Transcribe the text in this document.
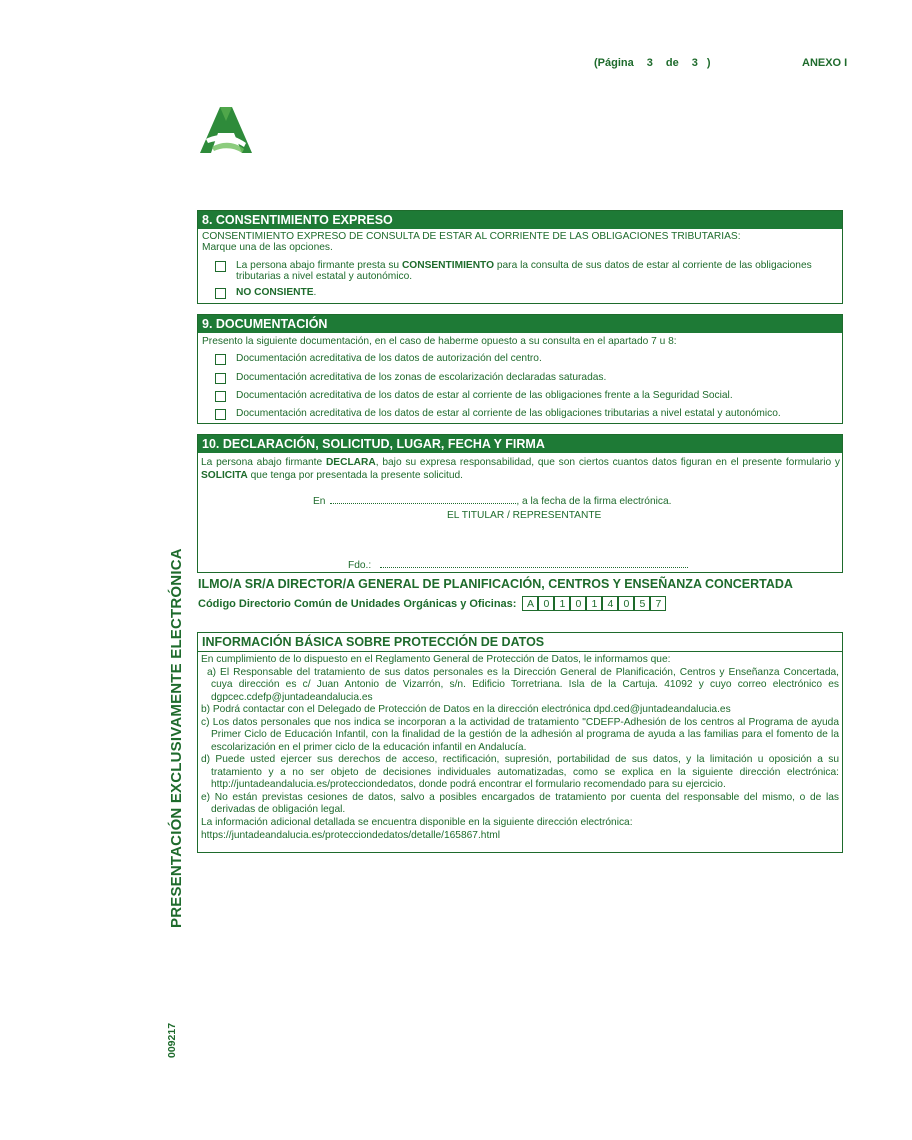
(Página 3 de 3 )	ANEXO I
8. CONSENTIMIENTO EXPRESO
CONSENTIMIENTO EXPRESO DE CONSULTA DE ESTAR AL CORRIENTE DE LAS OBLIGACIONES TRIBUTARIAS:
Marque una de las opciones.
La persona abajo firmante presta su CONSENTIMIENTO para la consulta de sus datos de estar al corriente de las obligaciones tributarias a nivel estatal y autonómico.
NO CONSIENTE.
9. DOCUMENTACIÓN
Presento la siguiente documentación, en el caso de haberme opuesto a su consulta en el apartado 7 u 8:
Documentación acreditativa de los datos de autorización del centro.
Documentación acreditativa de los zonas de escolarización declaradas saturadas.
Documentación acreditativa de los datos de estar al corriente de las obligaciones frente a la Seguridad Social.
Documentación acreditativa de los datos de estar al corriente de las obligaciones tributarias a nivel estatal y autonómico.
10. DECLARACIÓN, SOLICITUD, LUGAR, FECHA Y FIRMA
La persona abajo firmante DECLARA, bajo su expresa responsabilidad, que son ciertos cuantos datos figuran en el presente formulario y SOLICITA que tenga por presentada la presente solicitud.
En	, a la fecha de la firma electrónica.
EL TITULAR / REPRESENTANTE
Fdo.:
ILMO/A SR/A DIRECTOR/A GENERAL DE PLANIFICACIÓN, CENTROS Y ENSEÑANZA CONCERTADA
Código Directorio Común de Unidades Orgánicas y Oficinas: A 0 1 0 1 4 0 5 7
INFORMACIÓN BÁSICA SOBRE PROTECCIÓN DE DATOS

En cumplimiento de lo dispuesto en el Reglamento General de Protección de Datos, le informamos que:

a) El Responsable del tratamiento de sus datos personales es la Dirección General de Planificación, Centros y Enseñanza Concertada, cuya dirección es c/ Juan Antonio de Vizarrón, s/n. Edificio Torretriana. Isla de la Cartuja. 41092 y cuyo correo electrónico es dgpcec.cdefp@juntadeandalucia.es

b) Podrá contactar con el Delegado de Protección de Datos en la dirección electrónica dpd.ced@juntadeandalucia.es

c) Los datos personales que nos indica se incorporan a la actividad de tratamiento "CDEFP-Adhesión de los centros al Programa de ayuda Primer Ciclo de Educación Infantil, con la finalidad de la gestión de la adhesión al programa de ayuda a las familias para el fomento de la escolarización en el primer ciclo de la educación infantil en Andalucía.

d) Puede usted ejercer sus derechos de acceso, rectificación, supresión, portabilidad de sus datos, y la limitación u oposición a su tratamiento y a no ser objeto de decisiones individuales automatizadas, como se explica en la siguiente dirección electrónica: http://juntadeandalucia.es/protecciondedatos, donde podrá encontrar el formulario recomendado para su ejercicio.

e) No están previstas cesiones de datos, salvo a posibles encargados de tratamiento por cuenta del responsable del mismo, o de las derivadas de obligación legal.

La información adicional detallada se encuentra disponible en la siguiente dirección electrónica:

https://juntadeandalucia.es/protecciondedatos/detalle/165867.html

PRESENTACIÓN EXCLUSIVAMENTE ELECTRÓNICA
009217
